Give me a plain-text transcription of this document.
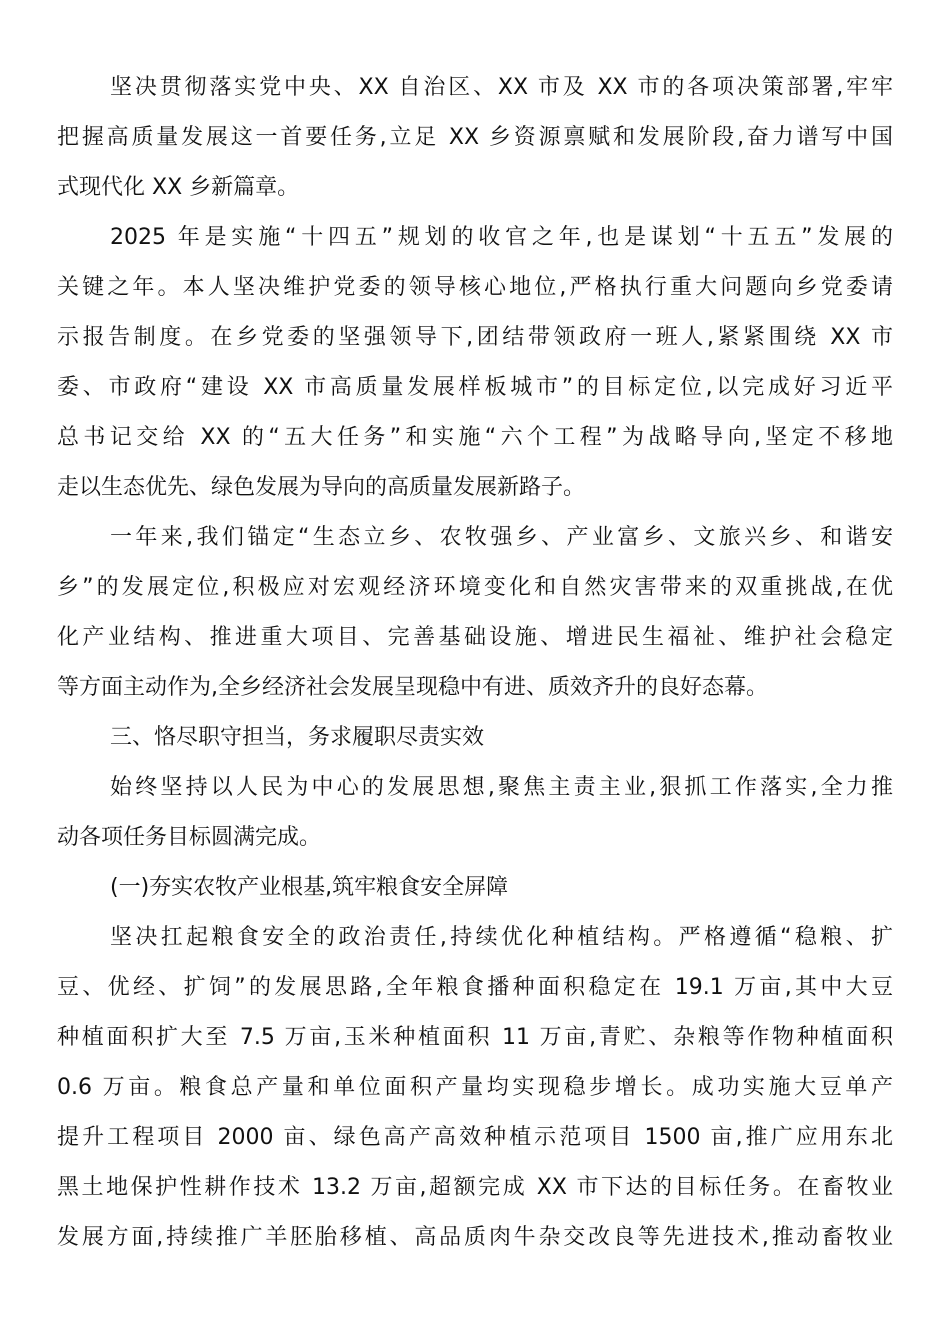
坚决贯彻落实党中央、XX 自治区、XX 市及 XX 市的各项决策部署,牢牢
把握高质量发展这一首要任务,立足 XX 乡资源禀赋和发展阶段,奋力谱写中国
式现代化 XX 乡新篇章。
2025 年是实施“十四五”规划的收官之年,也是谋划“十五五”发展的
关键之年。本人坚决维护党委的领导核心地位,严格执行重大问题向乡党委请
示报告制度。在乡党委的坚强领导下,团结带领政府一班人,紧紧围绕 XX 市
委、市政府“建设 XX 市高质量发展样板城市”的目标定位,以完成好习近平
总书记交给 XX 的“五大任务”和实施“六个工程”为战略导向,坚定不移地
走以生态优先、绿色发展为导向的高质量发展新路子。
一年来,我们锚定“生态立乡、农牧强乡、产业富乡、文旅兴乡、和谐安
乡”的发展定位,积极应对宏观经济环境变化和自然灾害带来的双重挑战,在优
化产业结构、推进重大项目、完善基础设施、增进民生福祉、维护社会稳定
等方面主动作为,全乡经济社会发展呈现稳中有进、质效齐升的良好态幕。
三、恪尽职守担当，务求履职尽责实效
始终坚持以人民为中心的发展思想,聚焦主责主业,狠抓工作落实,全力推
动各项任务目标圆满完成。
(一)夯实农牧产业根基,筑牢粮食安全屏障
坚决扛起粮食安全的政治责任,持续优化种植结构。严格遵循“稳粮、扩
豆、优经、扩饲”的发展思路,全年粮食播种面积稳定在 19.1 万亩,其中大豆
种植面积扩大至 7.5 万亩,玉米种植面积 11 万亩,青贮、杂粮等作物种植面积
0.6 万亩。粮食总产量和单位面积产量均实现稳步增长。成功实施大豆单产
提升工程项目 2000 亩、绿色高产高效种植示范项目 1500 亩,推广应用东北
黑土地保护性耕作技术 13.2 万亩,超额完成 XX 市下达的目标任务。在畜牧业
发展方面,持续推广羊胚胎移植、高品质肉牛杂交改良等先进技术,推动畜牧业
